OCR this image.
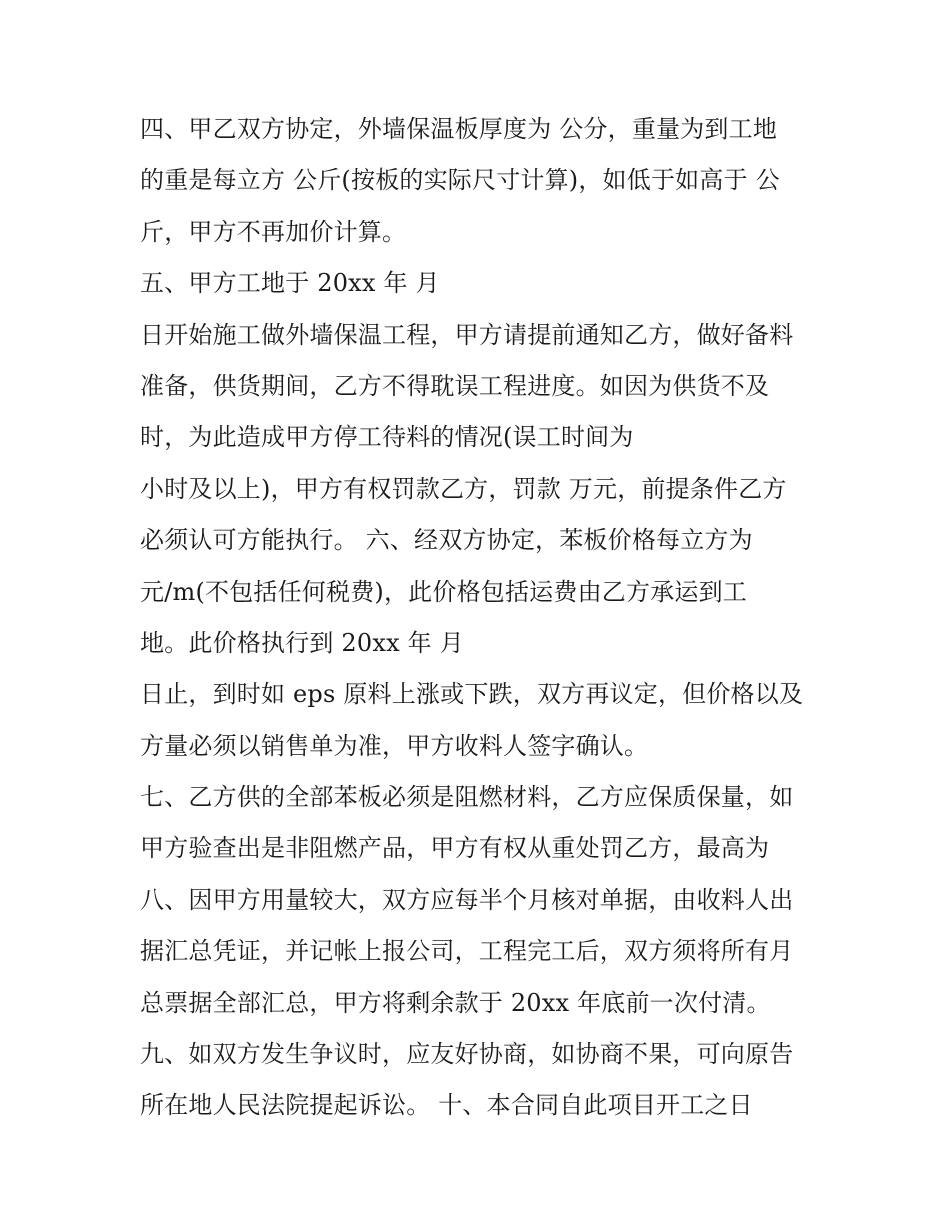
四、甲乙双方协定，外墙保温板厚度为 公分，重量为到工地
的重是每立方 公斤(按板的实际尺寸计算)，如低于如高于 公
斤，甲方不再加价计算。
五、甲方工地于 20xx 年 月
日开始施工做外墙保温工程，甲方请提前通知乙方，做好备料
准备，供货期间，乙方不得耽误工程进度。如因为供货不及
时，为此造成甲方停工待料的情况(误工时间为
小时及以上)，甲方有权罚款乙方，罚款 万元，前提条件乙方
必须认可方能执行。 六、经双方协定，苯板价格每立方为
元/m(不包括任何税费)，此价格包括运费由乙方承运到工
地。此价格执行到 20xx 年 月
日止，到时如 eps 原料上涨或下跌，双方再议定，但价格以及
方量必须以销售单为准，甲方收料人签字确认。
七、乙方供的全部苯板必须是阻燃材料，乙方应保质保量，如
甲方验查出是非阻燃产品，甲方有权从重处罚乙方，最高为
八、因甲方用量较大，双方应每半个月核对单据，由收料人出
据汇总凭证，并记帐上报公司，工程完工后，双方须将所有月
总票据全部汇总，甲方将剩余款于 20xx 年底前一次付清。
九、如双方发生争议时，应友好协商，如协商不果，可向原告
所在地人民法院提起诉讼。 十、本合同自此项目开工之日
